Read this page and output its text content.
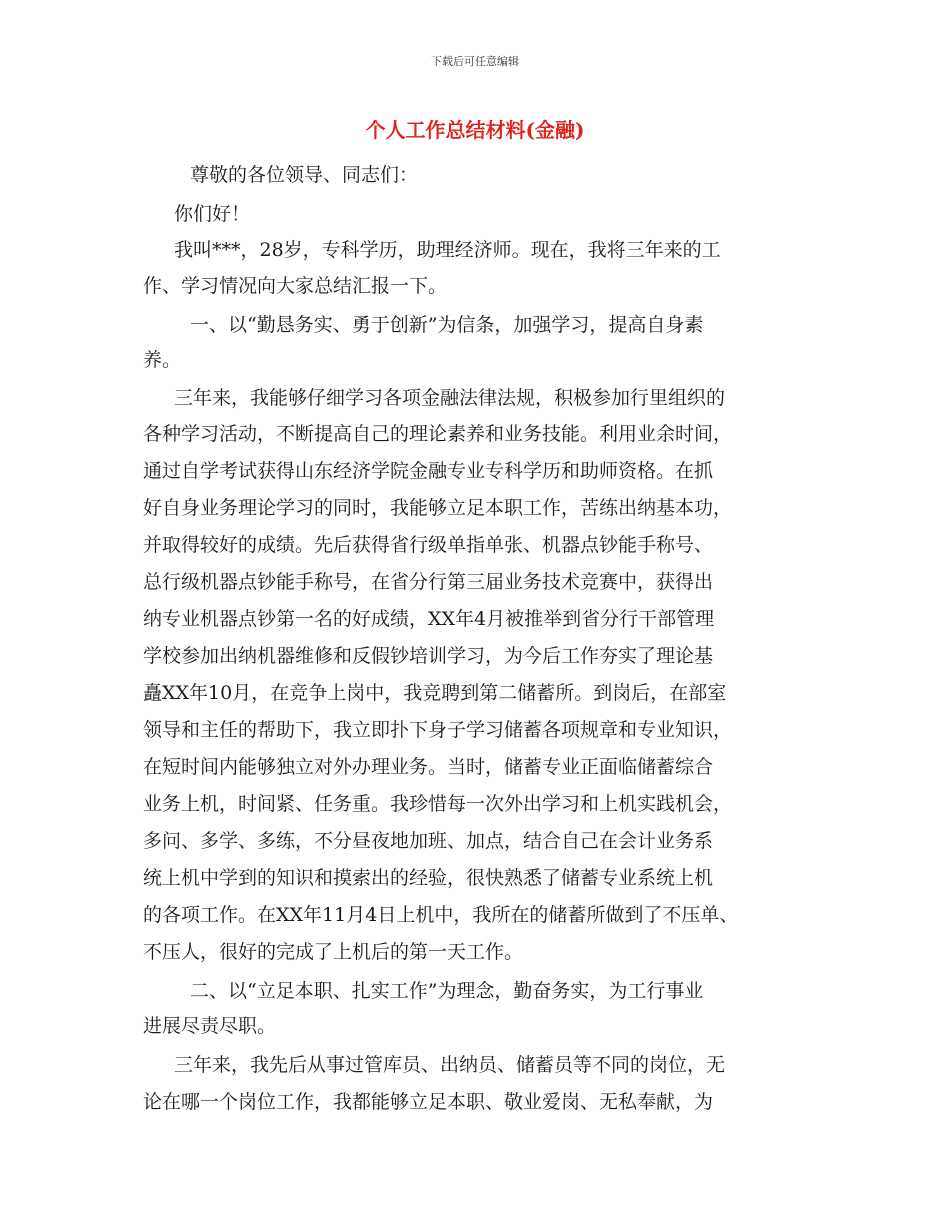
下载后可任意编辑
个人工作总结材料(金融)
尊敬的各位领导、同志们：
你们好！
我叫***，28岁，专科学历，助理经济师。现在，我将三年来的工
作、学习情况向大家总结汇报一下。
一、以“勤恳务实、勇于创新”为信条，加强学习，提高自身素
养。
三年来，我能够仔细学习各项金融法律法规，积极参加行里组织的
各种学习活动，不断提高自己的理论素养和业务技能。利用业余时间，
通过自学考试获得山东经济学院金融专业专科学历和助师资格。在抓
好自身业务理论学习的同时，我能够立足本职工作，苦练出纳基本功，
并取得较好的成绩。先后获得省行级单指单张、机器点钞能手称号、
总行级机器点钞能手称号，在省分行第三届业务技术竞赛中，获得出
纳专业机器点钞第一名的好成绩，XX年4月被推举到省分行干部管理
学校参加出纳机器维修和反假钞培训学习，为今后工作夯实了理论基
矗XX年10月，在竞争上岗中，我竞聘到第二储蓄所。到岗后，在部室
领导和主任的帮助下，我立即扑下身子学习储蓄各项规章和专业知识，
在短时间内能够独立对外办理业务。当时，储蓄专业正面临储蓄综合
业务上机，时间紧、任务重。我珍惜每一次外出学习和上机实践机会，
多问、多学、多练，不分昼夜地加班、加点，结合自己在会计业务系
统上机中学到的知识和摸索出的经验，很快熟悉了储蓄专业系统上机
的各项工作。在XX年11月4日上机中，我所在的储蓄所做到了不压单、
不压人，很好的完成了上机后的第一天工作。
二、以“立足本职、扎实工作”为理念，勤奋务实，为工行事业
进展尽责尽职。
三年来，我先后从事过管库员、出纳员、储蓄员等不同的岗位，无
论在哪一个岗位工作，我都能够立足本职、敬业爱岗、无私奉献，为
